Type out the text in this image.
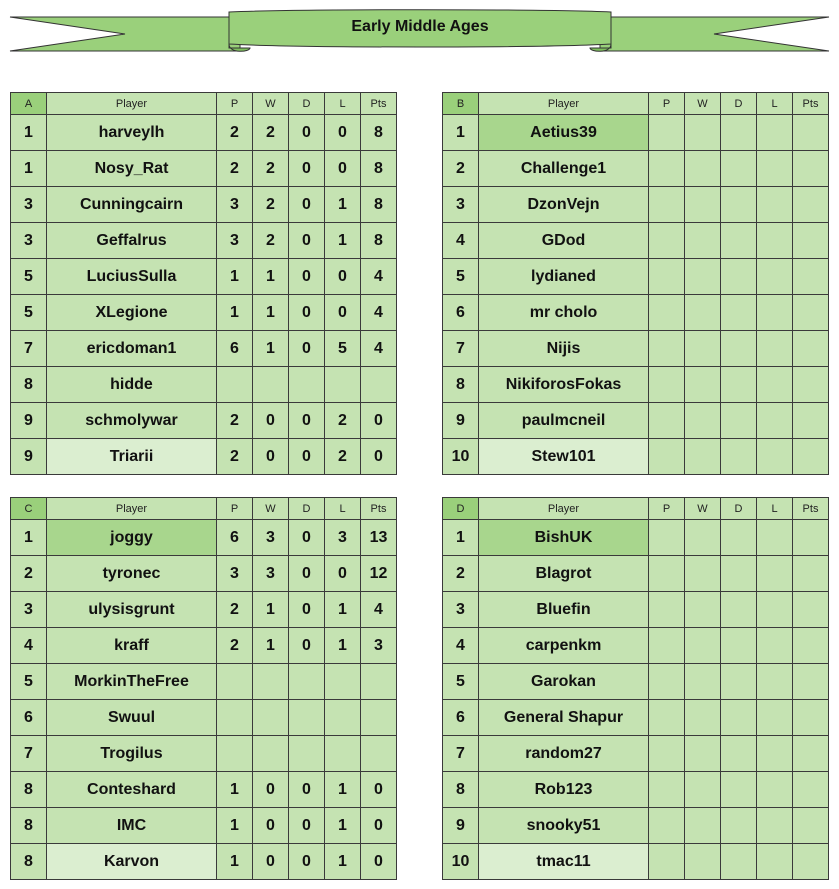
Early Middle Ages
A	Player	P	W	D	L	Pts
1	harveylh	2	2	0	0	8
1	Nosy_Rat	2	2	0	0	8
3	Cunningcairn	3	2	0	1	8
3	Geffalrus	3	2	0	1	8
5	LuciusSulla	1	1	0	0	4
5	XLegione	1	1	0	0	4
7	ericdoman1	6	1	0	5	4
8	hidde					
9	schmolywar	2	0	0	2	0
9	Triarii	2	0	0	2	0
B	Player	P	W	D	L	Pts
1	Aetius39					
2	Challenge1					
3	DzonVejn					
4	GDod					
5	lydianed					
6	mr cholo					
7	Nijis					
8	NikiforosFokas					
9	paulmcneil					
10	Stew101					
C	Player	P	W	D	L	Pts
1	joggy	6	3	0	3	13
2	tyronec	3	3	0	0	12
3	ulysisgrunt	2	1	0	1	4
4	kraff	2	1	0	1	3
5	MorkinTheFree					
6	Swuul					
7	Trogilus					
8	Conteshard	1	0	0	1	0
8	IMC	1	0	0	1	0
8	Karvon	1	0	0	1	0
D	Player	P	W	D	L	Pts
1	BishUK					
2	Blagrot					
3	Bluefin					
4	carpenkm					
5	Garokan					
6	General Shapur					
7	random27					
8	Rob123					
9	snooky51					
10	tmac11					
